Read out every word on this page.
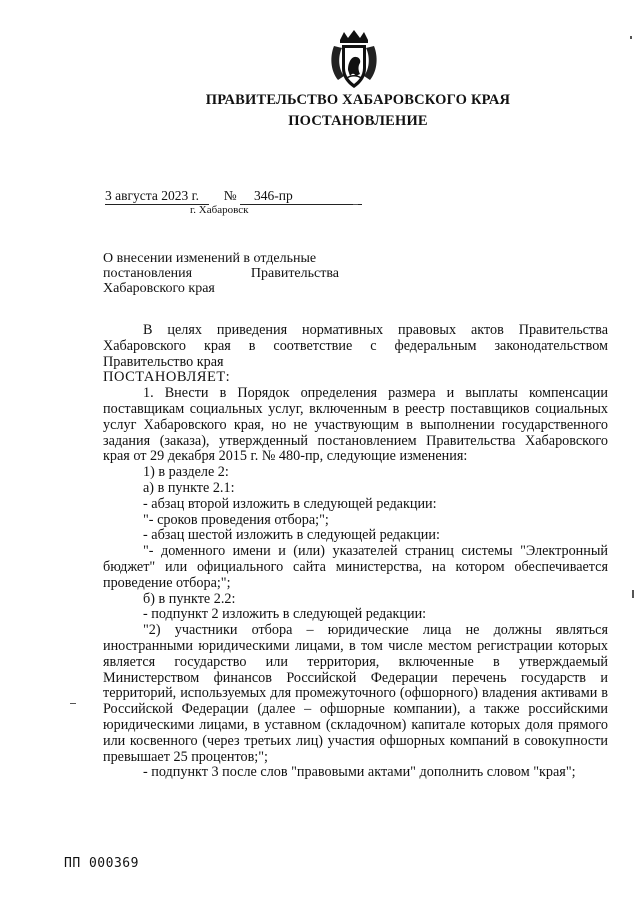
ПРАВИТЕЛЬСТВО ХАБАРОВСКОГО КРАЯ
ПОСТАНОВЛЕНИЕ
3 августа 2023 г. № 346-пр
г. Хабаровск
О внесении изменений в отдельные
постановления	Правительства
Хабаровского края

В целях приведения нормативных правовых актов Правительства Хабаровского края в соответствие с федеральным законодательством Правительство края

ПОСТАНОВЛЯЕТ:

1. Внести в Порядок определения размера и выплаты компенсации поставщикам социальных услуг, включенным в реестр поставщиков социальных услуг Хабаровского края, но не участвующим в выполнении государственного задания (заказа), утвержденный постановлением Правительства Хабаровского края от 29 декабря 2015 г. № 480-пр, следующие изменения:

1) в разделе 2:

а) в пункте 2.1:

- абзац второй изложить в следующей редакции:

"- сроков проведения отбора;";

- абзац шестой изложить в следующей редакции:

"- доменного имени и (или) указателей страниц системы "Электронный бюджет" или официального сайта министерства, на котором обеспечивается проведение отбора;";

б) в пункте 2.2:

- подпункт 2 изложить в следующей редакции:

"2) участники отбора – юридические лица не должны являться иностранными юридическими лицами, в том числе местом регистрации которых является государство или территория, включенные в утверждаемый Министерством финансов Российской Федерации перечень государств и территорий, используемых для промежуточного (офшорного) владения активами в Российской Федерации (далее – офшорные компании), а также российскими юридическими лицами, в уставном (складочном) капитале которых доля прямого или косвенного (через третьих лиц) участия офшорных компаний в совокупности превышает 25 процентов;";

- подпункт 3 после слов "правовыми актами" дополнить словом "края";

ПП 000369
